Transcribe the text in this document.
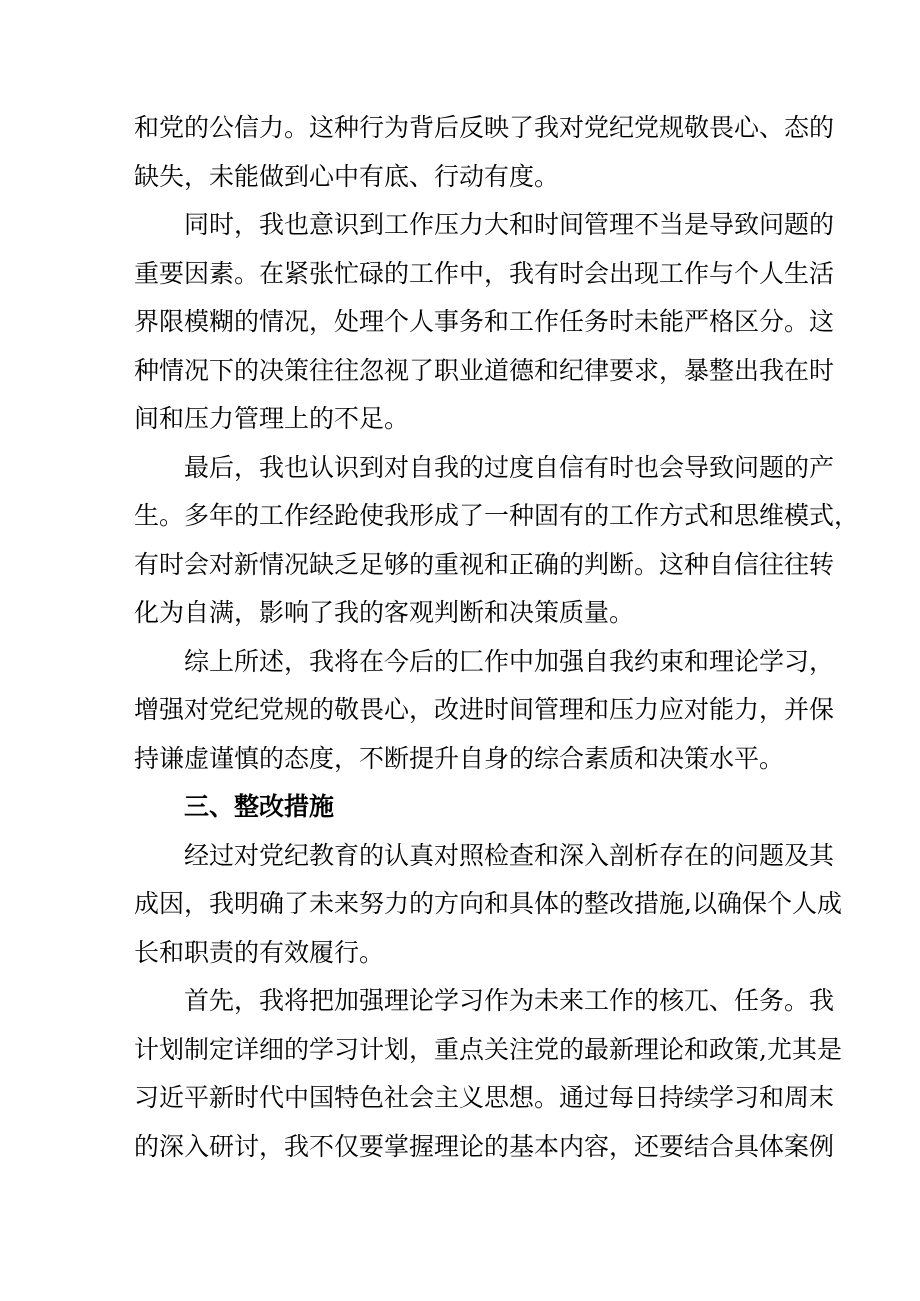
和党的公信力。这种行为背后反映了我对党纪党规敬畏心、态的
缺失，未能做到心中有底、行动有度。
同时，我也意识到工作压力大和时间管理不当是导致问题的
重要因素。在紧张忙碌的工作中，我有时会出现工作与个人生活
界限模糊的情况，处理个人事务和工作任务时未能严格区分。这
种情况下的决策往往忽视了职业道德和纪律要求，暴整出我在时
间和压力管理上的不足。
最后，我也认识到对自我的过度自信有时也会导致问题的产
生。多年的工作经跄使我形成了一种固有的工作方式和思维模式，
有时会对新情况缺乏足够的重视和正确的判断。这种自信往往转
化为自满，影响了我的客观判断和决策质量。
综上所述，我将在今后的匚作中加强自我约束和理论学习，
增强对党纪党规的敬畏心，改进时间管理和压力应对能力，并保
持谦虚谨慎的态度，不断提升自身的综合素质和决策水平。
三、整改措施
经过对党纪教育的认真对照检查和深入剖析存在的问题及其
成因，我明确了未来努力的方向和具体的整改措施,以确保个人成
长和职责的有效履行。
首先，我将把加强理论学习作为未来工作的核兀、任务。我
计划制定详细的学习计划，重点关注党的最新理论和政策,尤其是
习近平新时代中国特色社会主义思想。通过每日持续学习和周末
的深入研讨，我不仅要掌握理论的基本内容，还要结合具体案例
